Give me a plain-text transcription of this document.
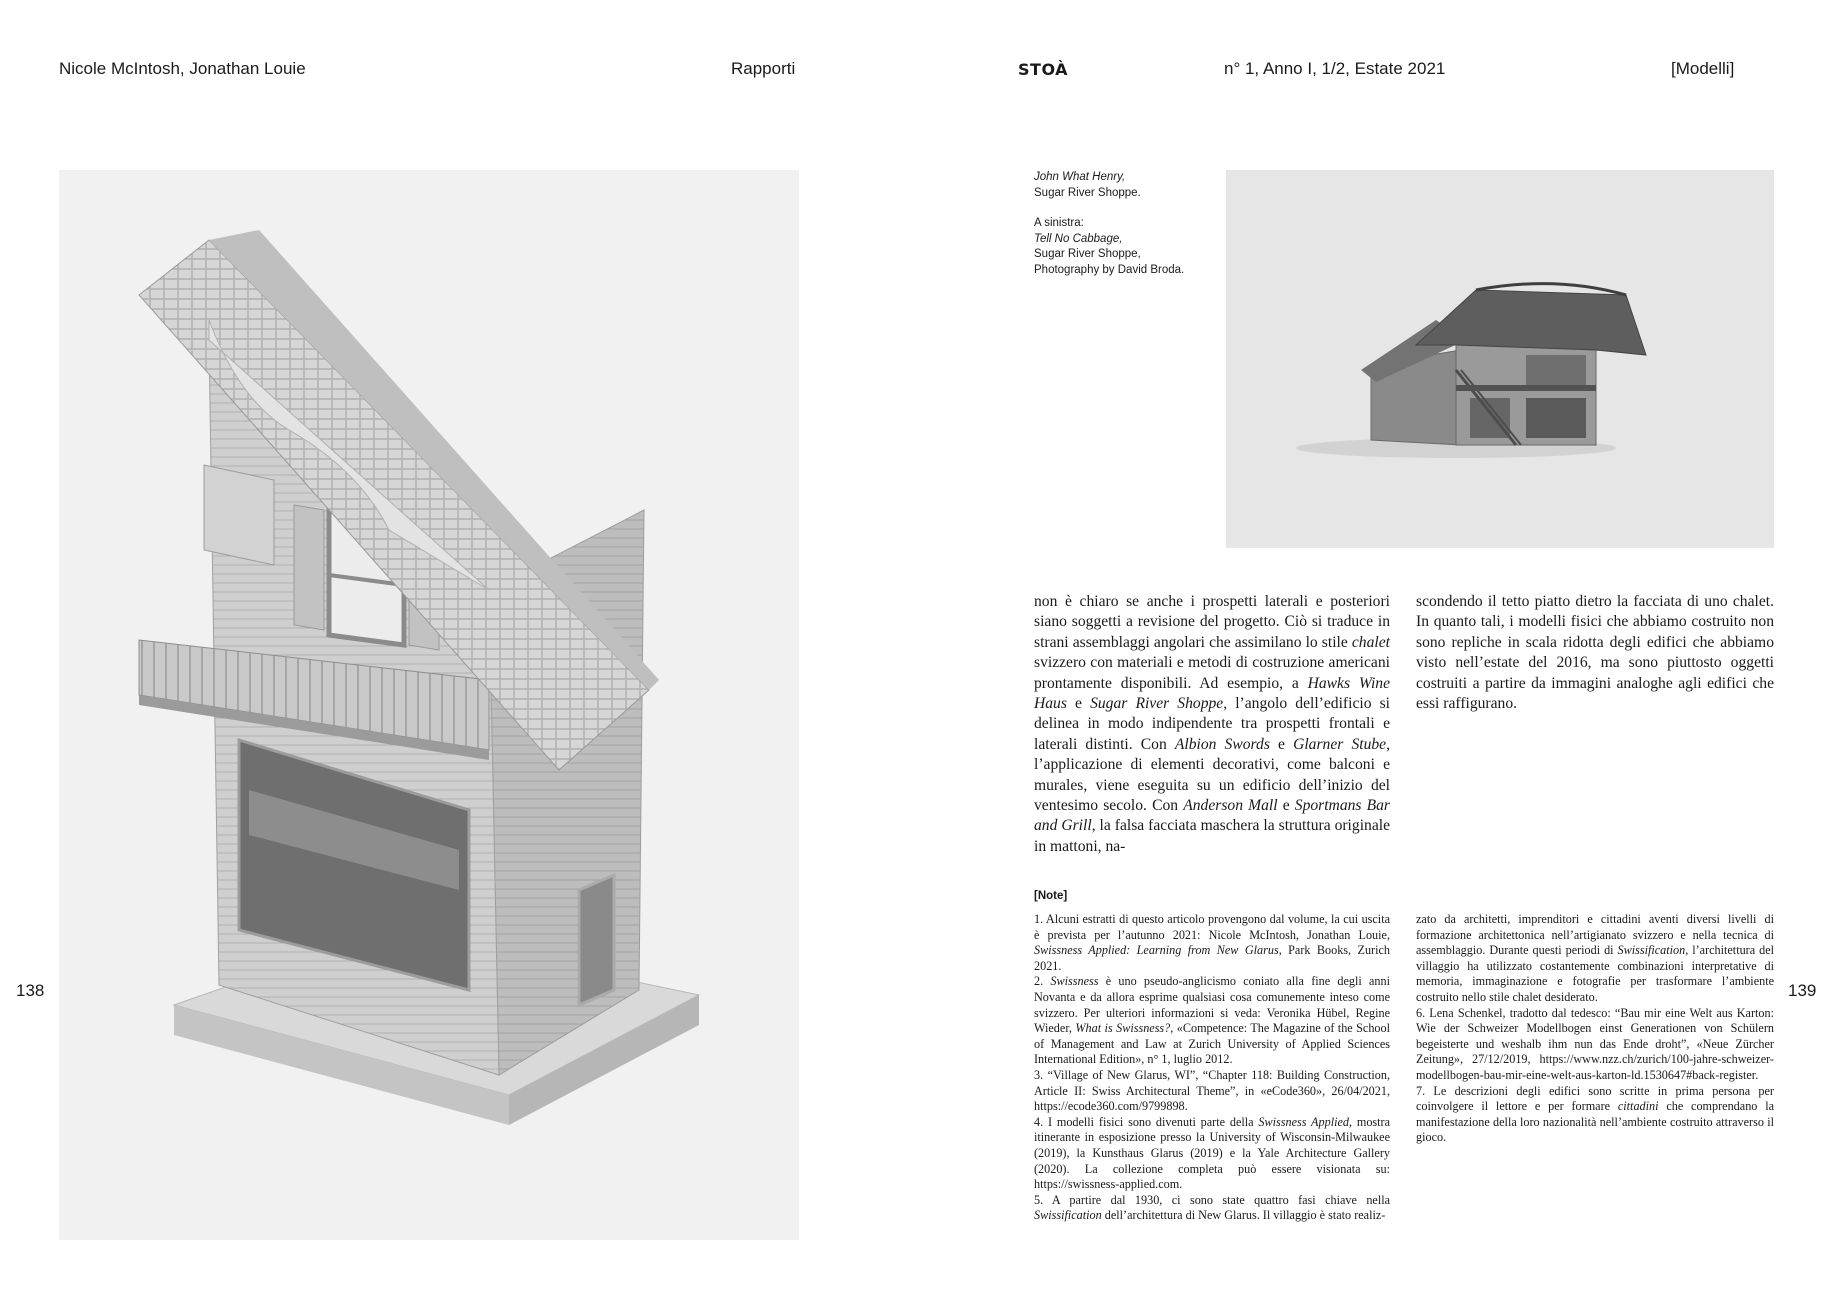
Nicole McIntosh, Jonathan Louie	Rapporti	STOÀ	n° 1, Anno I, 1/2, Estate 2021	[Modelli]
138	139

John What Henry,
Sugar River Shoppe.

A sinistra:
Tell No Cabbage,
Sugar River Shoppe,
Photography by David Broda.

non è chiaro se anche i prospetti laterali e posteriori siano soggetti a revisione del progetto. Ciò si traduce in strani assemblaggi angolari che assimilano lo stile chalet svizzero con materiali e metodi di costruzione americani prontamente disponibili. Ad esempio, a Hawks Wine Haus e Sugar River Shoppe, l’angolo dell’edificio si delinea in modo indipendente tra prospetti frontali e laterali distinti. Con Albion Swords e Glarner Stube, l’applicazione di elementi decorativi, come balconi e murales, viene eseguita su un edificio dell’inizio del ventesimo secolo. Con Anderson Mall e Sportmans Bar and Grill, la falsa facciata maschera la struttura originale in mattoni, na-

scondendo il tetto piatto dietro la facciata di uno chalet. In quanto tali, i modelli fisici che abbiamo costruito non sono repliche in scala ridotta degli edifici che abbiamo visto nell’estate del 2016, ma sono piuttosto oggetti costruiti a partire da immagini analoghe agli edifici che essi raffigurano.

[Note]

1. Alcuni estratti di questo articolo provengono dal volume, la cui uscita è prevista per l’autunno 2021: Nicole McIntosh, Jonathan Louie, Swissness Applied: Learning from New Glarus, Park Books, Zurich 2021.

2. Swissness è uno pseudo-anglicismo coniato alla fine degli anni Novanta e da allora esprime qualsiasi cosa comunemente inteso come svizzero. Per ulteriori informazioni si veda: Veronika Hübel, Regine Wieder, What is Swissness?, «Competence: The Magazine of the School of Management and Law at Zurich University of Applied Sciences International Edition», n° 1, luglio 2012.

3. “Village of New Glarus, WI”, “Chapter 118: Building Construction, Article II: Swiss Architectural Theme”, in «eCode360», 26/04/2021, https://ecode360.com/9799898.

4. I modelli fisici sono divenuti parte della Swissness Applied, mostra itinerante in esposizione presso la University of Wisconsin-Milwaukee (2019), la Kunsthaus Glarus (2019) e la Yale Architecture Gallery (2020). La collezione completa può essere visionata su: https://swissness-applied.com.

5. A partire dal 1930, ci sono state quattro fasi chiave nella Swissification dell’architettura di New Glarus. Il villaggio è stato realiz-

zato da architetti, imprenditori e cittadini aventi diversi livelli di formazione architettonica nell’artigianato svizzero e nella tecnica di assemblaggio. Durante questi periodi di Swissification, l’architettura del villaggio ha utilizzato costantemente combinazioni interpretative di memoria, immaginazione e fotografie per trasformare l’ambiente costruito nello stile chalet desiderato.

6. Lena Schenkel, tradotto dal tedesco: “Bau mir eine Welt aus Karton: Wie der Schweizer Modellbogen einst Generationen von Schülern begeisterte und weshalb ihm nun das Ende droht”, «Neue Zürcher Zeitung», 27/12/2019, https://www.nzz.ch/zurich/100-jahre-schweizer-modellbogen-bau-mir-eine-welt-aus-karton-ld.1530647#back-register.

7. Le descrizioni degli edifici sono scritte in prima persona per coinvolgere il lettore e per formare cittadini che comprendano la manifestazione della loro nazionalità nell’ambiente costruito attraverso il gioco.
